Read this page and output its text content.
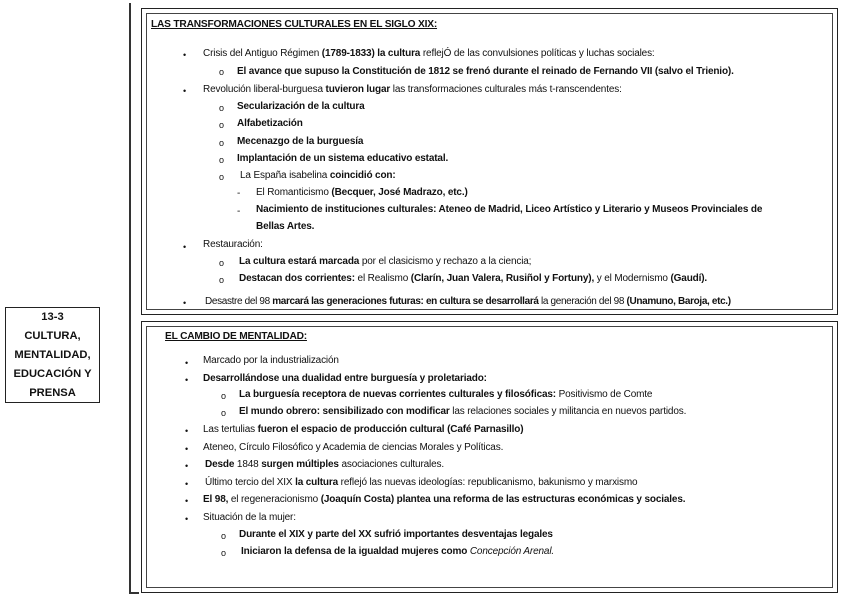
13-3
CULTURA,
MENTALIDAD,
EDUCACIÓN Y
PRENSA
LAS TRANSFORMACIONES CULTURALES EN EL SIGLO XIX:
• Crisis del Antiguo Régimen (1789-1833) la cultura reflejÓ de las convulsiones políticas y luchas sociales:
o El avance que supuso la Constitución de 1812 se frenó durante el reinado de Fernando VII (salvo el Trienio).
• Revolución liberal-burguesa tuvieron lugar las transformaciones culturales más t-ranscendentes:
o Secularización de la cultura
o Alfabetización
o Mecenazgo de la burguesía
o Implantación de un sistema educativo estatal.
o La España isabelina coincidió con:
- El Romanticismo (Becquer, José Madrazo, etc.)
- Nacimiento de instituciones culturales: Ateneo de Madrid, Liceo Artístico y Literario y Museos Provinciales de
Bellas Artes.
• Restauración:
o La cultura estará marcada por el clasicismo y rechazo a la ciencia;
o Destacan dos corrientes: el Realismo (Clarín, Juan Valera, Rusiñol y Fortuny), y el Modernismo (Gaudí).
• Desastre del 98 marcará las generaciones futuras: en cultura se desarrollará la generación del 98 (Unamuno, Baroja, etc.)
EL CAMBIO DE MENTALIDAD:
• Marcado por la industrialización
• Desarrollándose una dualidad entre burguesía y proletariado:
o La burguesía receptora de nuevas corrientes culturales y filosóficas: Positivismo de Comte
o El mundo obrero: sensibilizado con modificar las relaciones sociales y militancia en nuevos partidos.
• Las tertulias fueron el espacio de producción cultural (Café Parnasillo)
• Ateneo, Círculo Filosófico y Academia de ciencias Morales y Políticas.
• Desde 1848 surgen múltiples asociaciones culturales.
• Último tercio del XIX la cultura reflejó las nuevas ideologías: republicanismo, bakunismo y marxismo
• El 98, el regeneracionismo (Joaquín Costa) plantea una reforma de las estructuras económicas y sociales.
• Situación de la mujer:
o Durante el XIX y parte del XX sufrió importantes desventajas legales
o Iniciaron la defensa de la igualdad mujeres como Concepción Arenal.
